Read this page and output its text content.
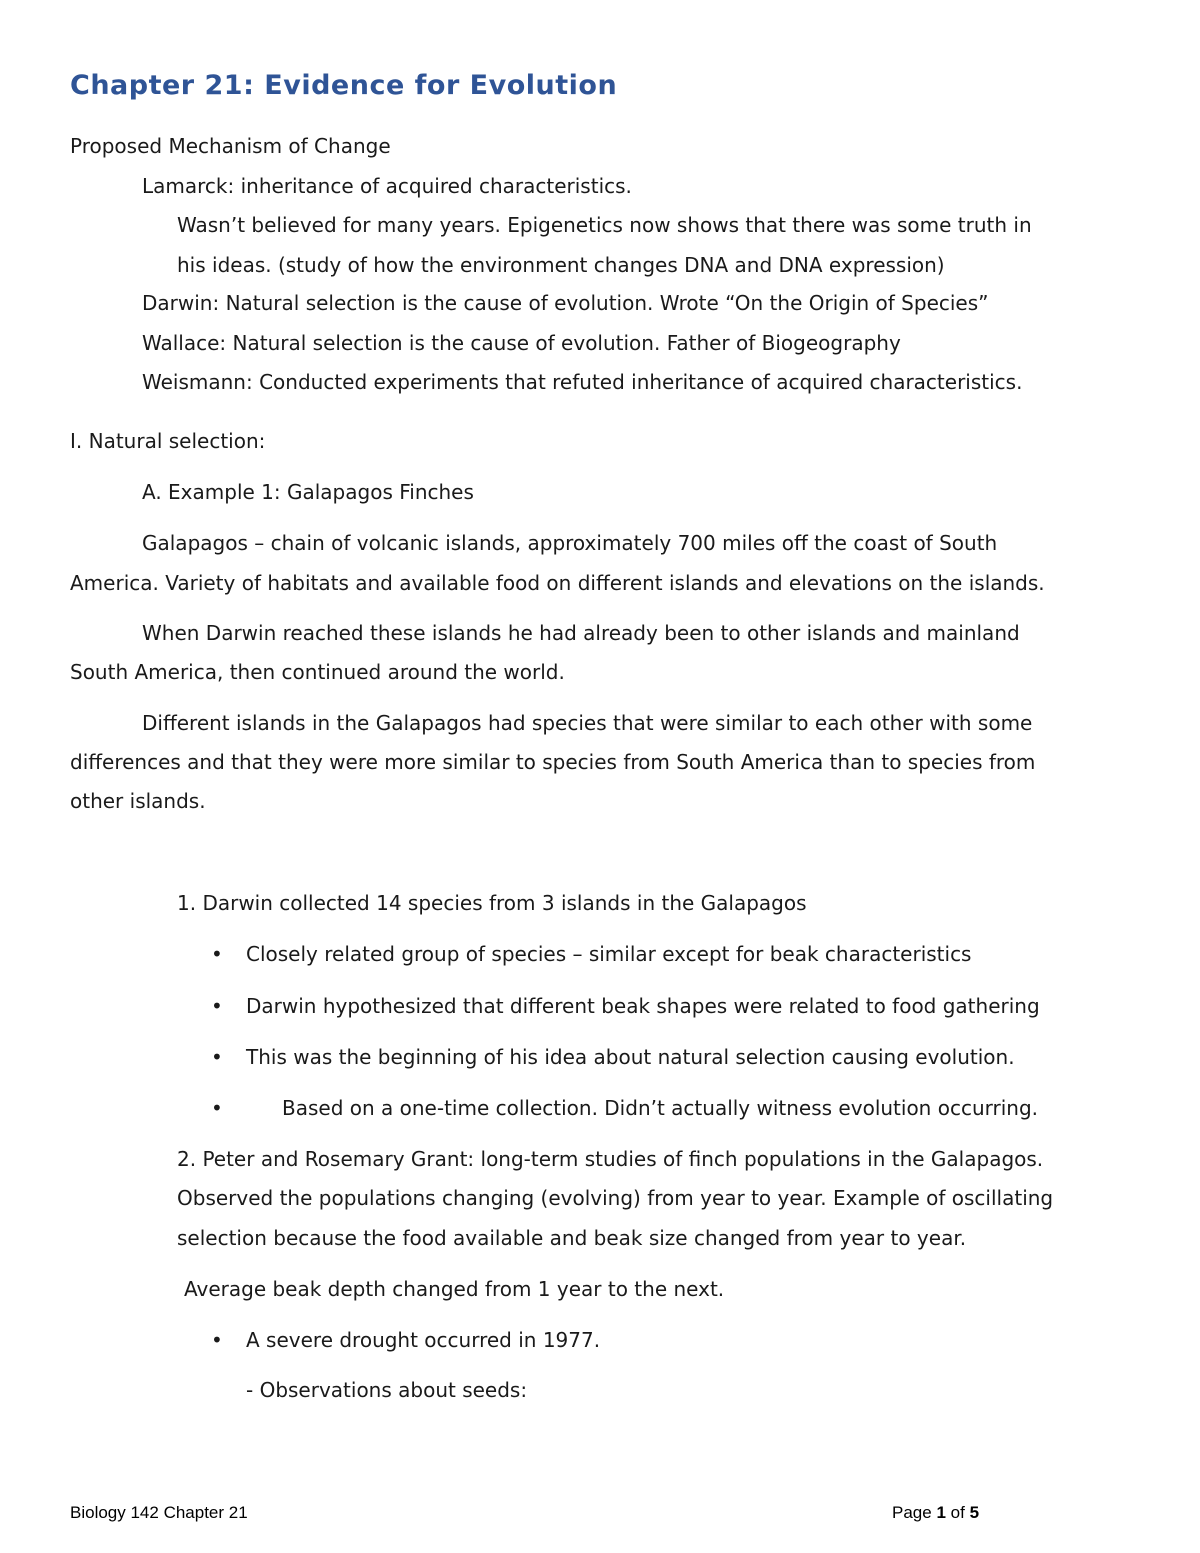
Chapter 21: Evidence for Evolution

Proposed Mechanism of Change

Lamarck: inheritance of acquired characteristics.

Wasn’t believed for many years. Epigenetics now shows that there was some truth in

his ideas. (study of how the environment changes DNA and DNA expression)

Darwin: Natural selection is the cause of evolution. Wrote “On the Origin of Species”

Wallace: Natural selection is the cause of evolution. Father of Biogeography

Weismann: Conducted experiments that refuted inheritance of acquired characteristics.

I. Natural selection:

A. Example 1: Galapagos Finches

Galapagos – chain of volcanic islands, approximately 700 miles off the coast of South

America. Variety of habitats and available food on different islands and elevations on the islands.

When Darwin reached these islands he had already been to other islands and mainland

South America, then continued around the world.

Different islands in the Galapagos had species that were similar to each other with some

differences and that they were more similar to species from South America than to species from

other islands.

1. Darwin collected 14 species from 3 islands in the Galapagos

• Closely related group of species – similar except for beak characteristics

• Darwin hypothesized that different beak shapes were related to food gathering

• This was the beginning of his idea about natural selection causing evolution.

•	Based on a one-time collection. Didn’t actually witness evolution occurring.

2. Peter and Rosemary Grant: long-term studies of finch populations in the Galapagos.

Observed the populations changing (evolving) from year to year. Example of oscillating

selection because the food available and beak size changed from year to year.

Average beak depth changed from 1 year to the next.

• A severe drought occurred in 1977.

- Observations about seeds:

Biology 142 Chapter 21	Page 1 of 5
